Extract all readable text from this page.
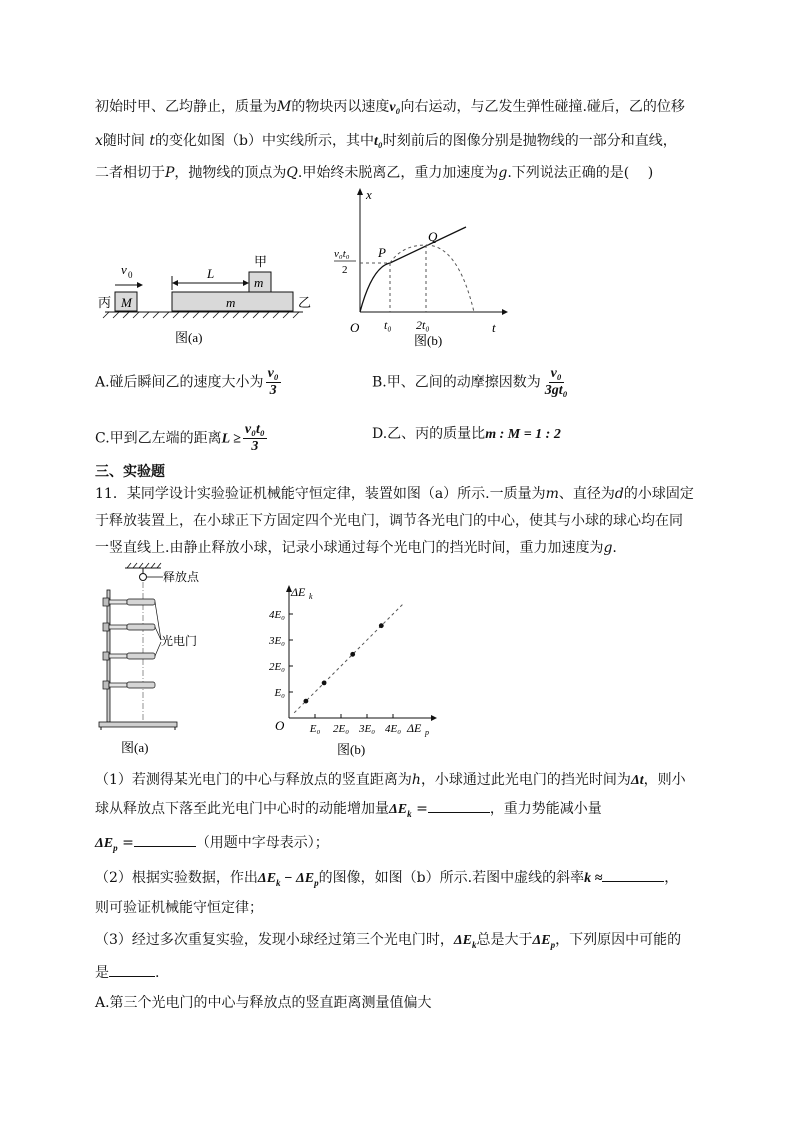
初始时甲、乙均静止，质量为M的物块丙以速度v₀向右运动，与乙发生弹性碰撞.碰后，乙的位移
x随时间 t的变化如图（b）中实线所示，其中t₀时刻前后的图像分别是抛物线的一部分和直线，
二者相切于P，抛物线的顶点为Q.甲始终未脱离乙，重力加速度为g.下列说法正确的是(　 )
v 0
丙 M
L
甲
m
m	乙
图(a)
x
t
O
P
Q
v₀t₀
2
t₀ 2t₀
图(b)
A.碰后瞬间乙的速度大小为 $\frac{\text{v₀}}{3}$	B.甲、乙间的动摩擦因数为 $\frac{\text{v₀}}{\text{3gt₀}}$
C.甲到乙左端的距离$L \ge \frac{\text{v₀t₀}}{3}$	D.乙、丙的质量比m : M = 1 : 2
三、实验题
11．某同学设计实验验证机械能守恒定律，装置如图（a）所示.一质量为m、直径为d的小球固定
于释放装置上，在小球正下方固定四个光电门，调节各光电门的中心，使其与小球的球心均在同
一竖直线上.由静止释放小球，记录小球通过每个光电门的挡光时间，重力加速度为g.
释放点
光电门
图(a)
ΔE k
ΔE p
O
E₀
2E₀
3E₀
4E₀
E₀ 2E₀ 3E₀ 4E₀
图(b)
（1）若测得某光电门的中心与释放点的竖直距离为h，小球通过此光电门的挡光时间为Δt，则小
球从释放点下落至此光电门中心时的动能增加量$\Delta E_k$ =	，重力势能减小量
$\Delta E_p$ =	（用题中字母表示）；
（2）根据实验数据，作出$\Delta E_k - \Delta E_p$的图像，如图（b）所示.若图中虚线的斜率k ≈	，
则可验证机械能守恒定律；
（3）经过多次重复实验，发现小球经过第三个光电门时，$\Delta E_k$总是大于$\Delta E_p$，下列原因中可能的
是	.
A.第三个光电门的中心与释放点的竖直距离测量值偏大
